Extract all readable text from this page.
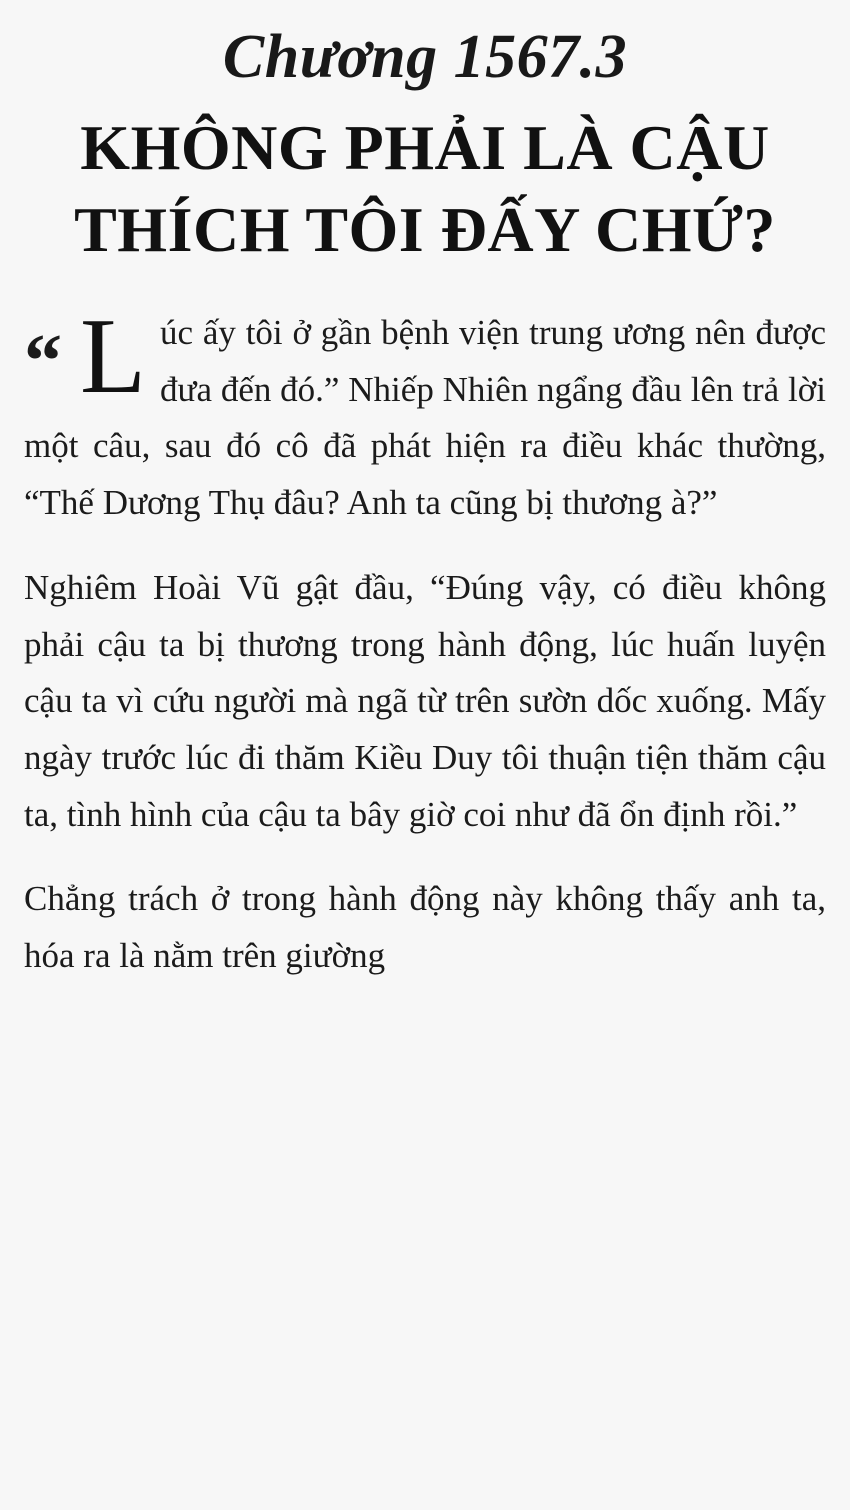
Chương 1567.3
KHÔNG PHẢI LÀ CẬU THÍCH TÔI ĐẤY CHỨ?
“ L úc ấy tôi ở gần bệnh viện trung ương nên được đưa đến đó.” Nhiếp Nhiên ngẩng đầu lên trả lời một câu, sau đó cô đã phát hiện ra điều khác thường, “Thế Dương Thụ đâu? Anh ta cũng bị thương à?”

Nghiêm Hoài Vũ gật đầu, “Đúng vậy, có điều không phải cậu ta bị thương trong hành động, lúc huấn luyện cậu ta vì cứu người mà ngã từ trên sườn dốc xuống. Mấy ngày trước lúc đi thăm Kiều Duy tôi thuận tiện thăm cậu ta, tình hình của cậu ta bây giờ coi như đã ổn định rồi.”

Chẳng trách ở trong hành động này không thấy anh ta, hóa ra là nằm trên giường
